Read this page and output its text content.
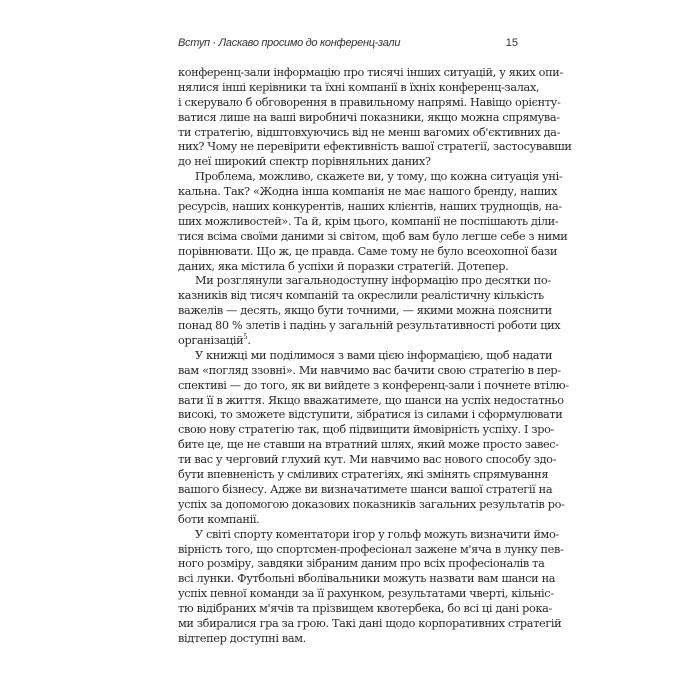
Вступ · Ласкаво просимо до конференц-зали	15
конференц-зали інформацію про тисячі інших ситуацій, у яких опи-
нялися інші керівники та їхні компанії в їхніх конференц-залах,
і скерувало б обговорення в правильному напрямі. Навіщо орієнту-
ватися лише на ваші виробничі показники, якщо можна спрямува-
ти стратегію, відштовхуючись від не менш вагомих об'єктивних да-
них? Чому не перевірити ефективність вашої стратегії, застосувавши
до неї широкий спектр порівняльних даних?
Проблема, можливо, скажете ви, у тому, що кожна ситуація уні-
кальна. Так? «Жодна інша компанія не має нашого бренду, наших
ресурсів, наших конкурентів, наших клієнтів, наших труднощів, на-
ших можливостей». Та й, крім цього, компанії не поспішають діли-
тися всіма своїми даними зі світом, щоб вам було легше себе з ними
порівнювати. Що ж, це правда. Саме тому не було всеохопної бази
даних, яка містила б успіхи й поразки стратегій. Дотепер.
Ми розглянули загальнодоступну інформацію про десятки по-
казників від тисяч компаній та окреслили реалістичну кількість
важелів — десять, якщо бути точними, — якими можна пояснити
понад 80 % злетів і падінь у загальній результативності роботи цих
організацій$^5$.
У книжці ми поділимося з вами цією інформацією, щоб надати
вам «погляд ззовні». Ми навчимо вас бачити свою стратегію в пер-
спективі — до того, як ви вийдете з конференц-зали і почнете втілю-
вати її в життя. Якщо вважатимете, що шанси на успіх недостатньо
високі, то зможете відступити, зібратися із силами і сформулювати
свою нову стратегію так, щоб підвищити ймовірність успіху. І зро-
бите це, ще не ставши на втратний шлях, який може просто завес-
ти вас у черговий глухий кут. Ми навчимо вас нового способу здо-
бути впевненість у сміливих стратегіях, які змінять спрямування
вашого бізнесу. Адже ви визначатимете шанси вашої стратегії на
успіх за допомогою доказових показників загальних результатів ро-
боти компанії.
У світі спорту коментатори ігор у гольф можуть визначити ймо-
вірність того, що спортсмен-професіонал зажене м'яча в лунку пев-
ного розміру, завдяки зібраним даним про всіх професіоналів та
всі лунки. Футбольні вболівальники можуть назвати вам шанси на
успіх певної команди за її рахунком, результатами чверті, кільніс-
тю відібраних м'ячів та прізвищем квотербека, бо всі ці дані рока-
ми збиралися гра за грою. Такі дані щодо корпоративних стратегій
відтепер доступні вам.
